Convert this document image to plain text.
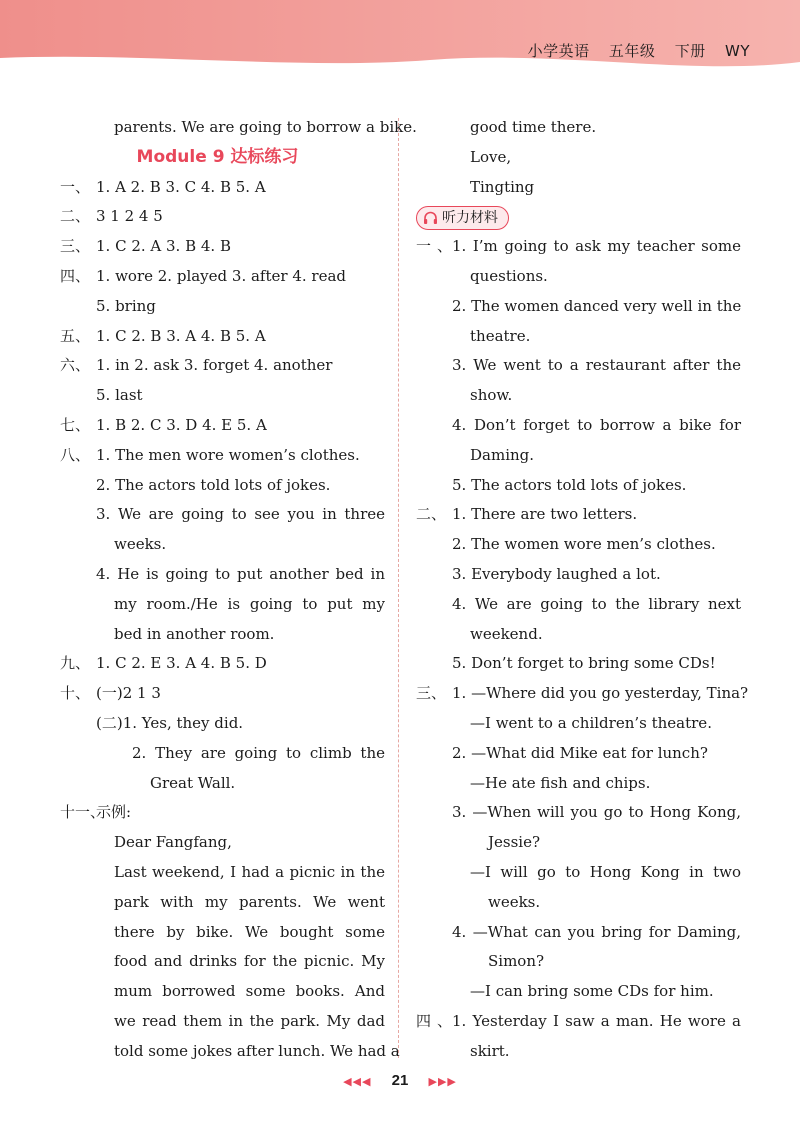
小学英语 五年级 下册 WY
parents. We are going to borrow a bike.
Module 9 达标练习
一、 1. A 2. B 3. C 4. B 5. A
二、 3 1 2 4 5
三、 1. C 2. A 3. B 4. B
四、 1. wore 2. played 3. after 4. read
5. bring
五、 1. C 2. B 3. A 4. B 5. A
六、 1. in 2. ask 3. forget 4. another
5. last
七、 1. B 2. C 3. D 4. E 5. A
八、 1. The men wore women’s clothes.
2. The actors told lots of jokes.
3. We are going to see you in three
weeks.
4. He is going to put another bed in
my room./He is going to put my
bed in another room.
九、 1. C 2. E 3. A 4. B 5. D
十、 (一)2 1 3
(二)1. Yes, they did.
2. They are going to climb the
Great Wall.
十一、示例:
Dear Fangfang,
Last weekend, I had a picnic in the
park with my parents. We went
there by bike. We bought some
food and drinks for the picnic. My
mum borrowed some books. And
we read them in the park. My dad
told some jokes after lunch. We had a
good time there.
Love,
Tingting
听力材料
一、1. I’m going to ask my teacher some
questions.
2. The women danced very well in the
theatre.
3. We went to a restaurant after the
show.
4. Don’t forget to borrow a bike for
Daming.
5. The actors told lots of jokes.
二、 1. There are two letters.
2. The women wore men’s clothes.
3. Everybody laughed a lot.
4. We are going to the library next
weekend.
5. Don’t forget to bring some CDs!
三、 1. —Where did you go yesterday, Tina?
—I went to a children’s theatre.
2. —What did Mike eat for lunch?
—He ate fish and chips.
3. —When will you go to Hong Kong,
Jessie?
—I will go to Hong Kong in two
weeks.
4. —What can you bring for Daming,
Simon?
—I can bring some CDs for him.
四、1. Yesterday I saw a man. He wore a
skirt.
◀◀◀ 21 ▶▶▶
